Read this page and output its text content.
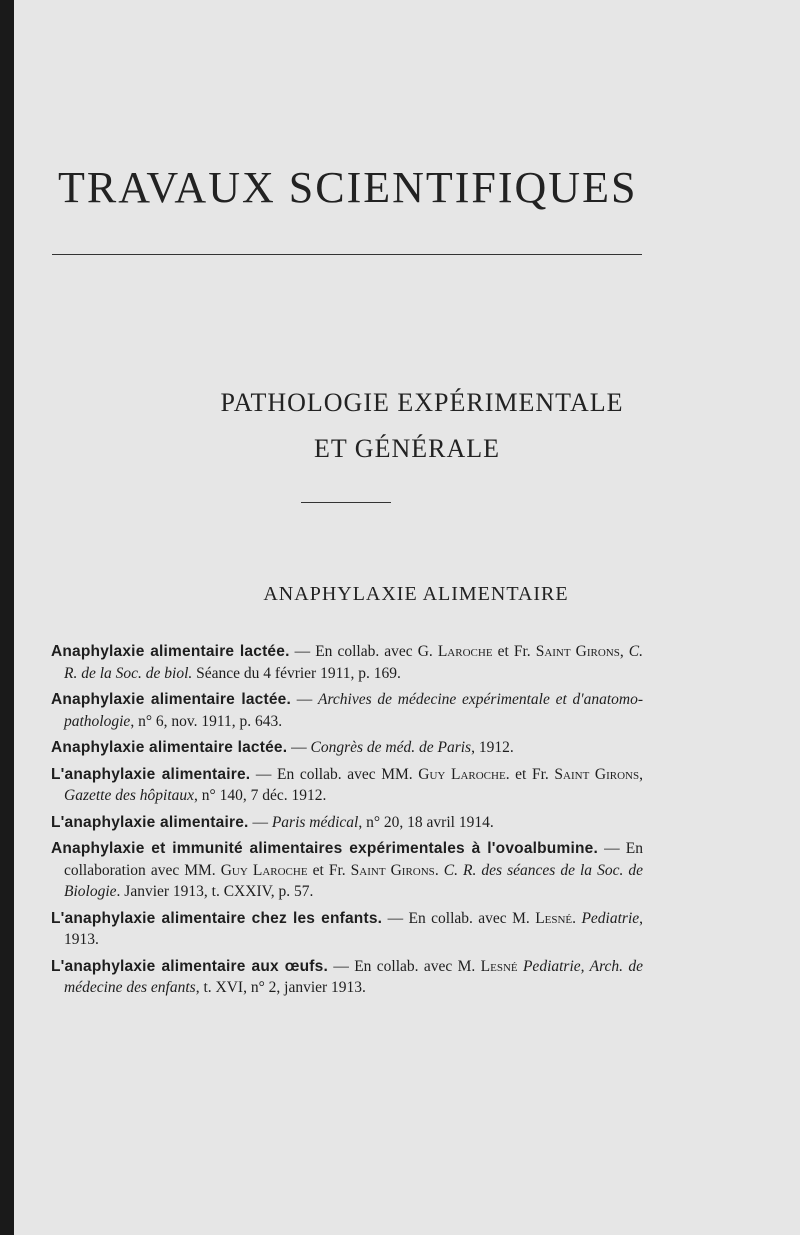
TRAVAUX SCIENTIFIQUES
PATHOLOGIE EXPÉRIMENTALE
ET GÉNÉRALE
ANAPHYLAXIE ALIMENTAIRE
Anaphylaxie alimentaire lactée. — En collab. avec G. Laroche et Fr. Saint Girons, C. R. de la Soc. de biol. Séance du 4 février 1911, p. 169.
Anaphylaxie alimentaire lactée. — Archives de médecine expérimentale et d'anatomo-pathologie, n° 6, nov. 1911, p. 643.
Anaphylaxie alimentaire lactée. — Congrès de méd. de Paris, 1912.
L'anaphylaxie alimentaire. — En collab. avec MM. Guy Laroche. et Fr. Saint Girons, Gazette des hôpitaux, n° 140, 7 déc. 1912.
L'anaphylaxie alimentaire. — Paris médical, n° 20, 18 avril 1914.
Anaphylaxie et immunité alimentaires expérimentales à l'ovoalbumine. — En collaboration avec MM. Guy Laroche et Fr. Saint Girons. C. R. des séances de la Soc. de Biologie. Janvier 1913, t. CXXIV, p. 57.
L'anaphylaxie alimentaire chez les enfants. — En collab. avec M. Lesné. Pediatrie, 1913.
L'anaphylaxie alimentaire aux œufs. — En collab. avec M. Lesné Pediatrie, Arch. de médecine des enfants, t. XVI, n° 2, janvier 1913.
